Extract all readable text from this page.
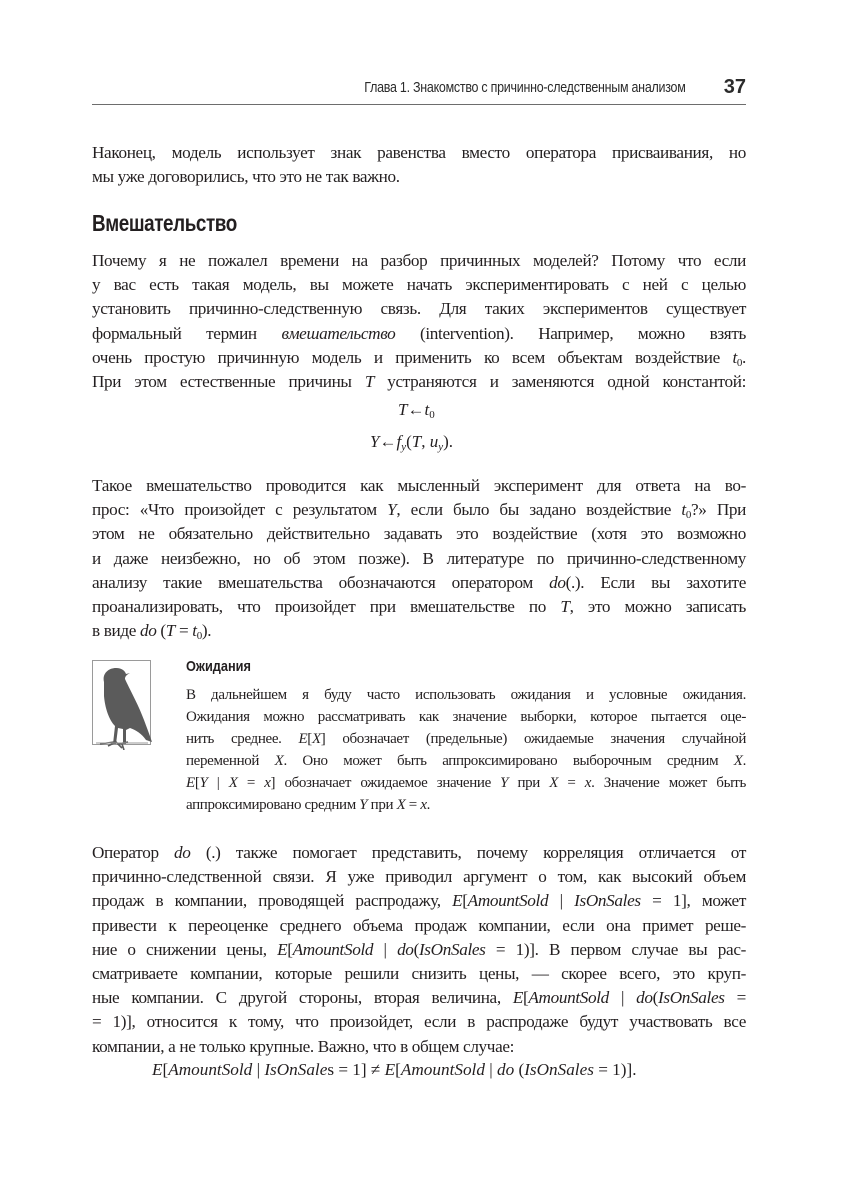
Глава 1. Знакомство с причинно-следственным анализом 37
Наконец, модель использует знак равенства вместо оператора присваивания, но
мы уже договорились, что это не так важно.
Вмешательство
Почему я не пожалел времени на разбор причинных моделей? Потому что если
у вас есть такая модель, вы можете начать экспериментировать с ней с целью
установить причинно-следственную связь. Для таких экспериментов существует
формальный термин вмешательство (intervention). Например, можно взять
очень простую причинную модель и применить ко всем объектам воздействие $t_0$.
При этом естественные причины T устраняются и заменяются одной константой:
$T\leftarrow t_0$
$Y\leftarrow f_y(T$, $u_y$).
Такое вмешательство проводится как мысленный эксперимент для ответа на во-
прос: «Что произойдет с результатом Y, если было бы задано воздействие $t_0$?» При
этом не обязательно действительно задавать это воздействие (хотя это возможно
и даже неизбежно, но об этом позже). В литературе по причинно-следственному
анализу такие вмешательства обозначаются оператором do(.). Если вы захотите
проанализировать, что произойдет при вмешательстве по T, это можно записать
в виде do $(T = t_0)$.
Ожидания
В дальнейшем я буду часто использовать ожидания и условные ожидания.
Ожидания можно рассматривать как значение выборки, которое пытается оце-
нить среднее. E[X] обозначает (предельные) ожидаемые значения случайной
переменной X. Оно может быть аппроксимировано выборочным средним X.
E[Y | X = x] обозначает ожидаемое значение Y при X = x. Значение может быть
аппроксимировано средним Y при X = x.
Оператор do (.) также помогает представить, почему корреляция отличается от
причинно-следственной связи. Я уже приводил аргумент о том, как высокий объем
продаж в компании, проводящей распродажу, E[AmountSold | IsOnSales = 1], может
привести к переоценке среднего объема продаж компании, если она примет реше-
ние о снижении цены, E[AmountSold | do(IsOnSales = 1)]. В первом случае вы рас-
сматриваете компании, которые решили снизить цены, — скорее всего, это круп-
ные компании. С другой стороны, вторая величина, E[AmountSold | do(IsOnSales =
= 1)], относится к тому, что произойдет, если в распродаже будут участвовать все
компании, а не только крупные. Важно, что в общем случае:
E[AmountSold | IsOnSales = 1] ≠ E[AmountSold | do (IsOnSales = 1)].
